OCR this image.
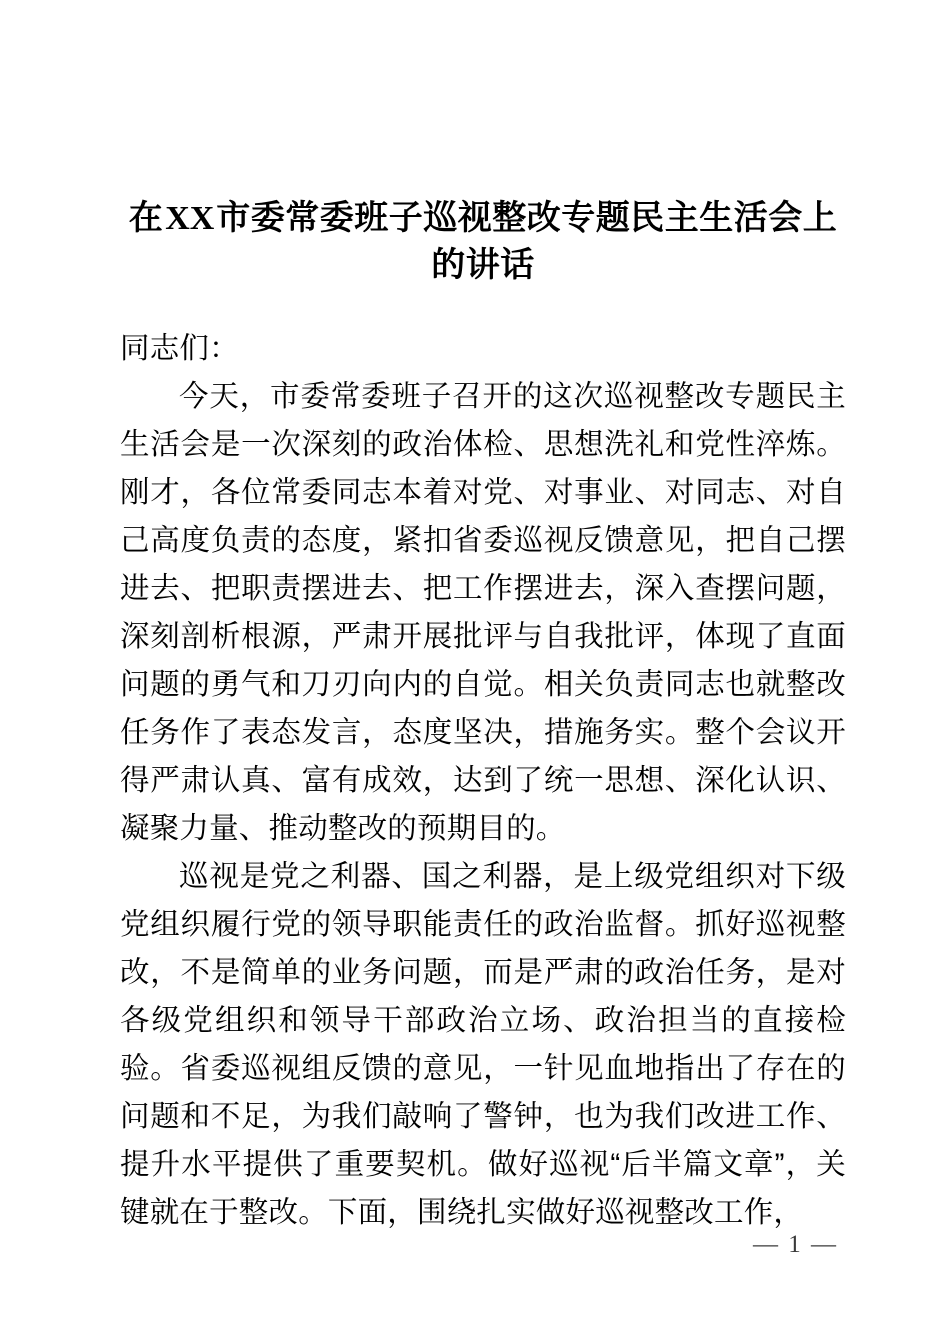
在XX市委常委班子巡视整改专题民主生活会上的讲话

同志们：

今天，市委常委班子召开的这次巡视整改专题民主生活会是一次深刻的政治体检、思想洗礼和党性淬炼。刚才，各位常委同志本着对党、对事业、对同志、对自己高度负责的态度，紧扣省委巡视反馈意见，把自己摆进去、把职责摆进去、把工作摆进去，深入查摆问题，深刻剖析根源，严肃开展批评与自我批评，体现了直面问题的勇气和刀刃向内的自觉。相关负责同志也就整改任务作了表态发言，态度坚决，措施务实。整个会议开得严肃认真、富有成效，达到了统一思想、深化认识、凝聚力量、推动整改的预期目的。

巡视是党之利器、国之利器，是上级党组织对下级党组织履行党的领导职能责任的政治监督。抓好巡视整改，不是简单的业务问题，而是严肃的政治任务，是对各级党组织和领导干部政治立场、政治担当的直接检验。省委巡视组反馈的意见，一针见血地指出了存在的问题和不足，为我们敲响了警钟，也为我们改进工作、提升水平提供了重要契机。做好巡视“后半篇文章”，关键就在于整改。下面，围绕扎实做好巡视整改工作，

— 1 —
